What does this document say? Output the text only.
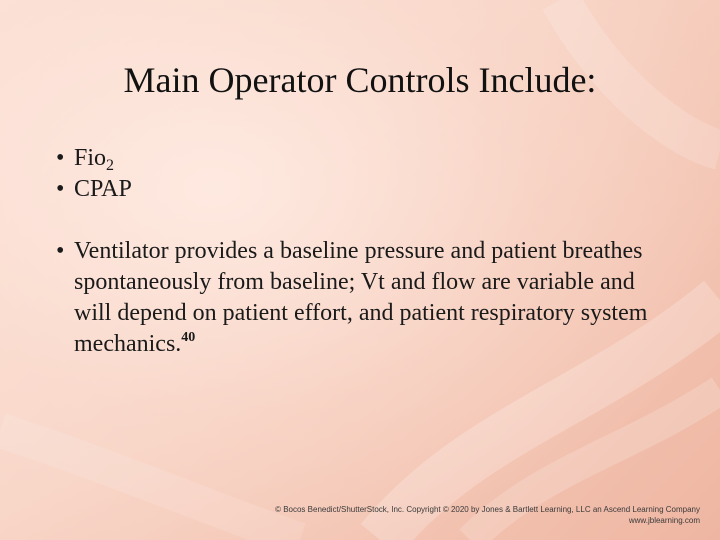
Main Operator Controls Include:
• Fio$_2$
• CPAP
• Ventilator provides a baseline pressure and patient breathes spontaneously from baseline; Vt and flow are variable and will depend on patient effort, and patient respiratory system mechanics.$^{40}$
© Bocos Benedict/ShutterStock, Inc. Copyright © 2020 by Jones & Bartlett Learning, LLC an Ascend Learning Company
www.jblearning.com
